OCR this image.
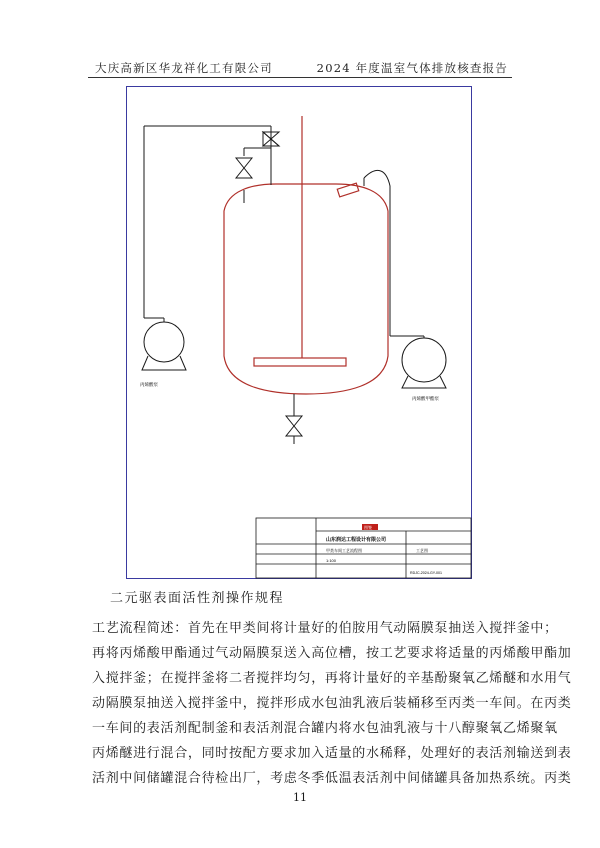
大庆高新区华龙祥化工有限公司	2024 年度温室气体排放核查报告
丙烯酸泵
丙烯酸甲酯泵
山东润达工程设计有限公司
甲类车间工艺流程图
1:100
工艺图
RDJC-2024-GY-001
图签
二元驱表面活性剂操作规程
工艺流程简述：首先在甲类间将计量好的伯胺用气动隔膜泵抽送入搅拌釜中；
再将丙烯酸甲酯通过气动隔膜泵送入高位槽，按工艺要求将适量的丙烯酸甲酯加
入搅拌釜；在搅拌釜将二者搅拌均匀，再将计量好的辛基酚聚氧乙烯醚和水用气
动隔膜泵抽送入搅拌釜中，搅拌形成水包油乳液后装桶移至丙类一车间。在丙类
一车间的表活剂配制釜和表活剂混合罐内将水包油乳液与十八醇聚氧乙烯聚氧
丙烯醚进行混合，同时按配方要求加入适量的水稀释，处理好的表活剂输送到表
活剂中间储罐混合待检出厂，考虑冬季低温表活剂中间储罐具备加热系统。丙类
11
